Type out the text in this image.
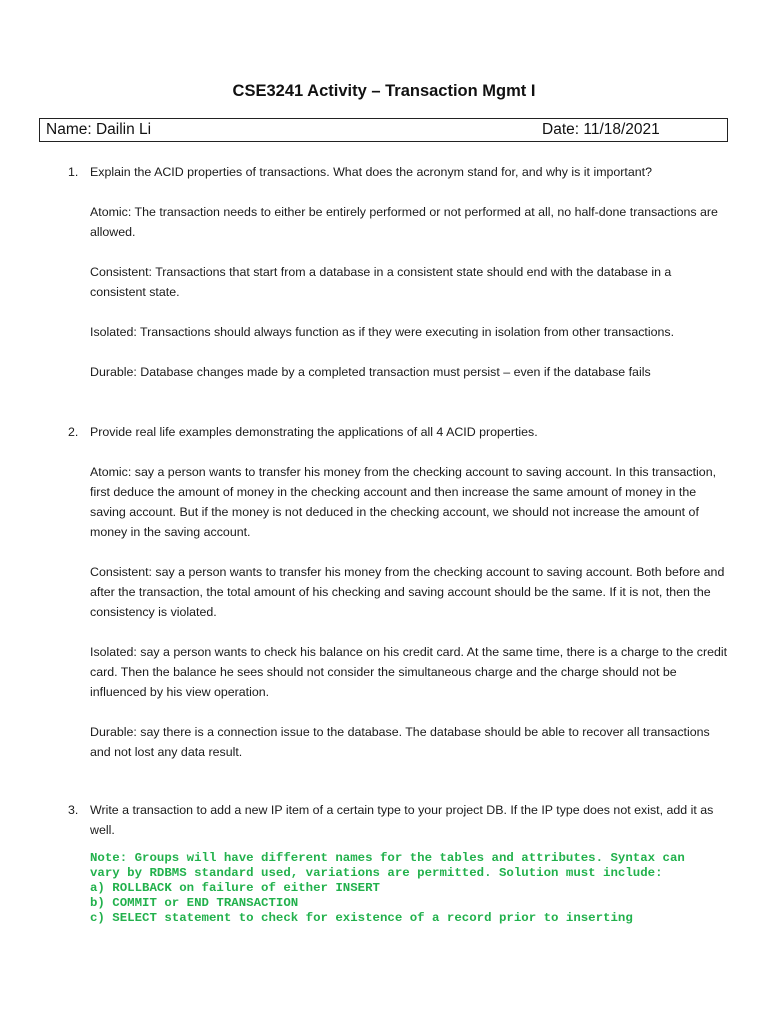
CSE3241 Activity – Transaction Mgmt I
Name: Dailin Li	Date: 11/18/2021
1. Explain the ACID properties of transactions. What does the acronym stand for, and why is it important?

Atomic: The transaction needs to either be entirely performed or not performed at all, no half-done transactions are allowed.

Consistent: Transactions that start from a database in a consistent state should end with the database in a consistent state.

Isolated: Transactions should always function as if they were executing in isolation from other transactions.

Durable: Database changes made by a completed transaction must persist – even if the database fails

2. Provide real life examples demonstrating the applications of all 4 ACID properties.

Atomic: say a person wants to transfer his money from the checking account to saving account. In this transaction, first deduce the amount of money in the checking account and then increase the same amount of money in the saving account. But if the money is not deduced in the checking account, we should not increase the amount of money in the saving account.

Consistent: say a person wants to transfer his money from the checking account to saving account. Both before and after the transaction, the total amount of his checking and saving account should be the same. If it is not, then the consistency is violated.

Isolated: say a person wants to check his balance on his credit card. At the same time, there is a charge to the credit card. Then the balance he sees should not consider the simultaneous charge and the charge should not be influenced by his view operation.

Durable: say there is a connection issue to the database. The database should be able to recover all transactions and not lost any data result.

3. Write a transaction to add a new IP item of a certain type to your project DB. If the IP type does not exist, add it as well.
Note: Groups will have different names for the tables and attributes. Syntax can
vary by RDBMS standard used, variations are permitted. Solution must include:
a) ROLLBACK on failure of either INSERT
b) COMMIT or END TRANSACTION
c) SELECT statement to check for existence of a record prior to inserting
